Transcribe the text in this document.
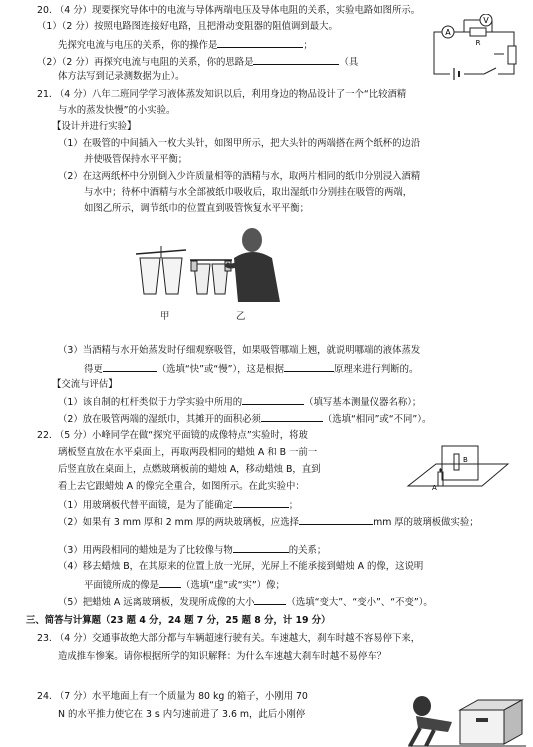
20. （4 分）现要探究导体中的电流与导体两端电压及导体电阻的关系，实验电路如图所示。
（1）（2 分）按照电路图连接好电路，且把滑动变阻器的阻值调到最大。
先探究电流与电压的关系，你的操作是	；
（2）（2 分）再探究电流与电阻的关系，你的思路是	（具
体方法写到记录测数据为止）。
A
R
V
21. （4 分）八年二班同学学习液体蒸发知识以后，利用身边的物品设计了一个“比较酒精
与水的蒸发快慢”的小实验。
【设计并进行实验】
（1）在吸管的中间插入一枚大头针，如图甲所示，把大头针的两端搭在两个纸杯的边沿
并使吸管保持水平平衡；
（2）在这两纸杯中分别倒入少许质量相等的酒精与水，取两片相同的纸巾分别浸入酒精
与水中；待杯中酒精与水全部被纸巾吸收后，取出湿纸巾分别挂在吸管的两端，
如图乙所示，调节纸巾的位置直到吸管恢复水平平衡；
甲	乙
（3）当酒精与水开始蒸发时仔细观察吸管，如果吸管哪端上翘，就说明哪端的液体蒸发
得更	（选填“快”或“慢”），这是根据	原理来进行判断的。
【交流与评估】
（1）该自制的杠杆类似于力学实验中所用的	（填写基本测量仪器名称）；
（2）放在吸管两端的湿纸巾，其摊开的面积必须	（选填“相同”或“不同”）。
22. （5 分）小峰同学在做“探究平面镜的成像特点”实验时，将玻
璃板竖直放在水平桌面上，再取两段相同的蜡烛 A 和 B 一前一
后竖直放在桌面上，点燃玻璃板前的蜡烛 A，移动蜡烛 B，直到
看上去它跟蜡烛 A 的像完全重合，如图所示。在此实验中：
B
A
（1）用玻璃板代替平面镜，是为了能确定	；
（2）如果有 3 mm 厚和 2 mm 厚的两块玻璃板，应选择	mm 厚的玻璃板做实验；
（3）用两段相同的蜡烛是为了比较像与物	的关系；
（4）移去蜡烛 B，在其原来的位置上放一光屏，光屏上不能承接到蜡烛 A 的像，这说明
平面镜所成的像是 （选填“虚”或“实”）像；
（5）把蜡烛 A 远离玻璃板，发现所成像的大小	（选填“变大”、“变小”、“不变”）。
三、简答与计算题（23 题 4 分，24 题 7 分，25 题 8 分，计 19 分）
23. （4 分）交通事故绝大部分都与车辆超速行驶有关。车速越大，刹车时越不容易停下来，
造成推车惨案。请你根据所学的知识解释：为什么车速越大刹车时越不易停车？
24. （7 分）水平地面上有一个质量为 80 kg 的箱子，小刚用 70
N 的水平推力使它在 3 s 内匀速前进了 3.6 m，此后小刚停
